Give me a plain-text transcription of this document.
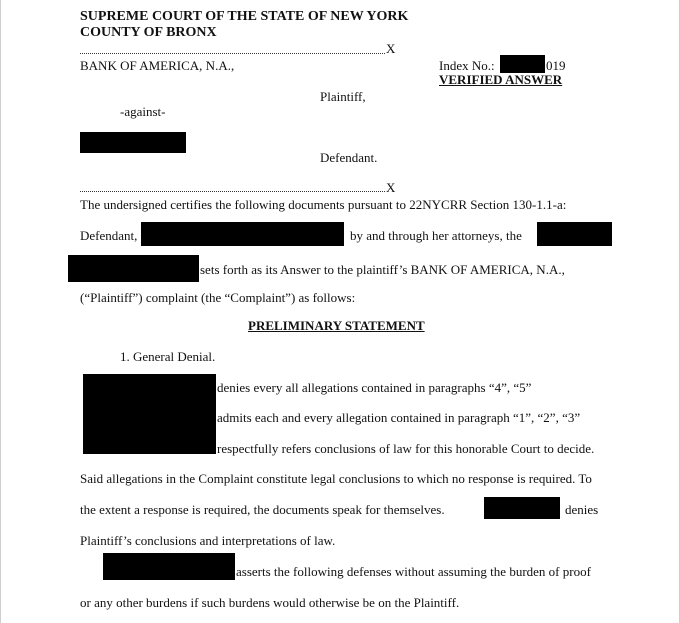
SUPREME COURT OF THE STATE OF NEW YORK
COUNTY OF BRONX
X
BANK OF AMERICA, N.A.,	Index No.:	019
VERIFIED ANSWER
Plaintiff,
-against-
Defendant.
X
The undersigned certifies the following documents pursuant to 22NYCRR Section 130-1.1-a:
Defendant,	by and through her attorneys, the
sets forth as its Answer to the plaintiff’s BANK OF AMERICA, N.A.,
(“Plaintiff”) complaint (the “Complaint”) as follows:
PRELIMINARY STATEMENT
1. General Denial.
denies every all allegations contained in paragraphs “4”, “5”
admits each and every allegation contained in paragraph “1”, “2”, “3”
respectfully refers conclusions of law for this honorable Court to decide.
Said allegations in the Complaint constitute legal conclusions to which no response is required. To
the extent a response is required, the documents speak for themselves.	denies
Plaintiff’s conclusions and interpretations of law.
asserts the following defenses without assuming the burden of proof
or any other burdens if such burdens would otherwise be on the Plaintiff.
